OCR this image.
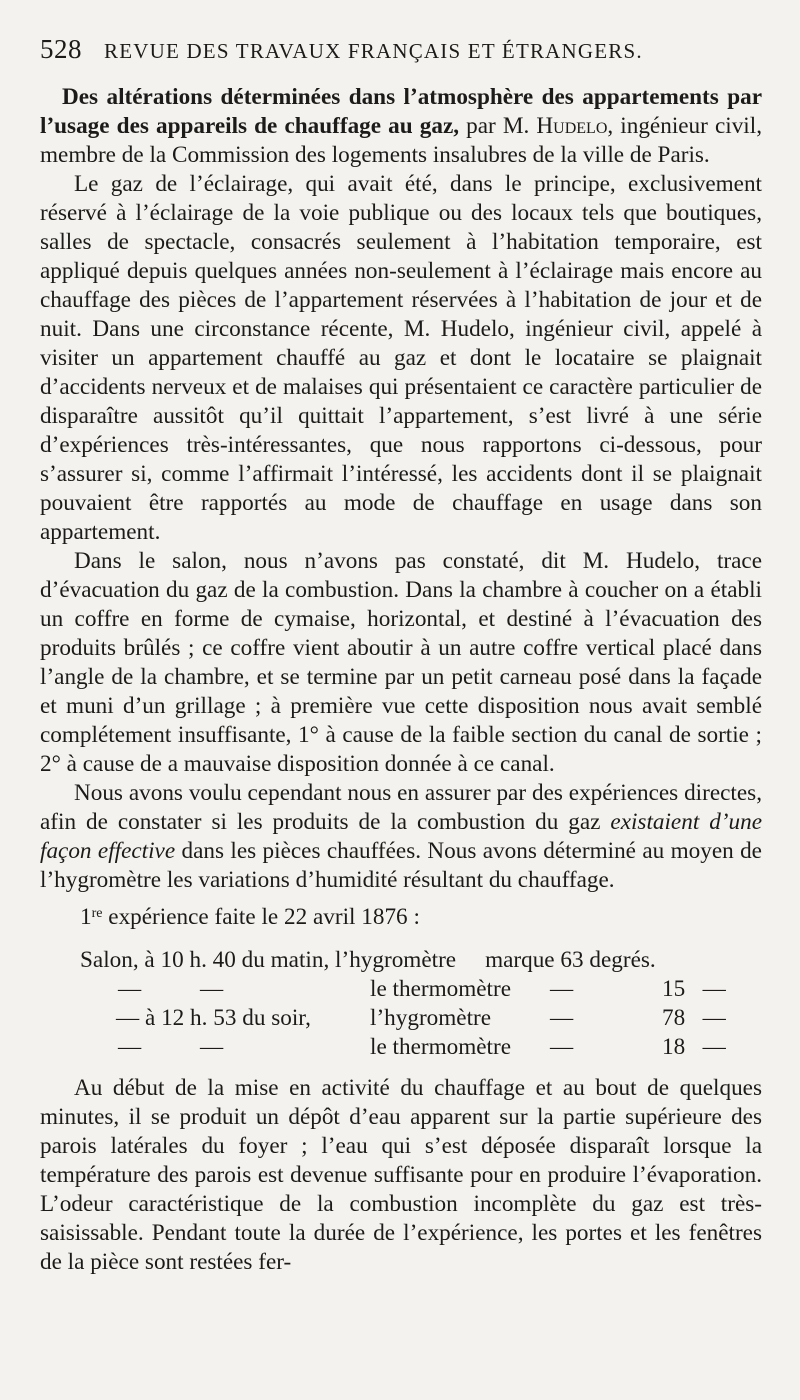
528 REVUE DES TRAVAUX FRANÇAIS ET ÉTRANGERS.

Des altérations déterminées dans l’atmosphère des appartements par l’usage des appareils de chauffage au gaz, par M. Hudelo, ingénieur civil, membre de la Commission des logements insalubres de la ville de Paris.

Le gaz de l’éclairage, qui avait été, dans le principe, exclusivement réservé à l’éclairage de la voie publique ou des locaux tels que boutiques, salles de spectacle, consacrés seulement à l’habitation temporaire, est appliqué depuis quelques années non-seulement à l’éclairage mais encore au chauffage des pièces de l’appartement réservées à l’habitation de jour et de nuit. Dans une circonstance récente, M. Hudelo, ingénieur civil, appelé à visiter un appartement chauffé au gaz et dont le locataire se plaignait d’accidents nerveux et de malaises qui présentaient ce caractère particulier de disparaître aussitôt qu’il quittait l’appartement, s’est livré à une série d’expériences très-intéressantes, que nous rapportons ci-dessous, pour s’assurer si, comme l’affirmait l’intéressé, les accidents dont il se plaignait pouvaient être rapportés au mode de chauffage en usage dans son appartement.

Dans le salon, nous n’avons pas constaté, dit M. Hudelo, trace d’évacuation du gaz de la combustion. Dans la chambre à coucher on a établi un coffre en forme de cymaise, horizontal, et destiné à l’évacuation des produits brûlés ; ce coffre vient aboutir à un autre coffre vertical placé dans l’angle de la chambre, et se termine par un petit carneau posé dans la façade et muni d’un grillage ; à première vue cette disposition nous avait semblé complétement insuffisante, 1° à cause de la faible section du canal de sortie ; 2° à cause de a mauvaise disposition donnée à ce canal.

Nous avons voulu cependant nous en assurer par des expériences directes, afin de constater si les produits de la combustion du gaz existaient d’une façon effective dans les pièces chauffées. Nous avons déterminé au moyen de l’hygromètre les variations d’humidité résultant du chauffage.

1re expérience faite le 22 avril 1876 :
Salon, à 10 h. 40 du matin, l’hygromètre     marque 63 degrés.
—	—	le thermomètre	—	15   —
— à 12 h. 53 du soir,	l’hygromètre	—	78   —
—	—	le thermomètre	—	18   —

Au début de la mise en activité du chauffage et au bout de quelques minutes, il se produit un dépôt d’eau apparent sur la partie supérieure des parois latérales du foyer ; l’eau qui s’est déposée disparaît lorsque la température des parois est devenue suffisante pour en produire l’évaporation. L’odeur caractéristique de la combustion incomplète du gaz est très-saisissable. Pendant toute la durée de l’expérience, les portes et les fenêtres de la pièce sont restées fer-
